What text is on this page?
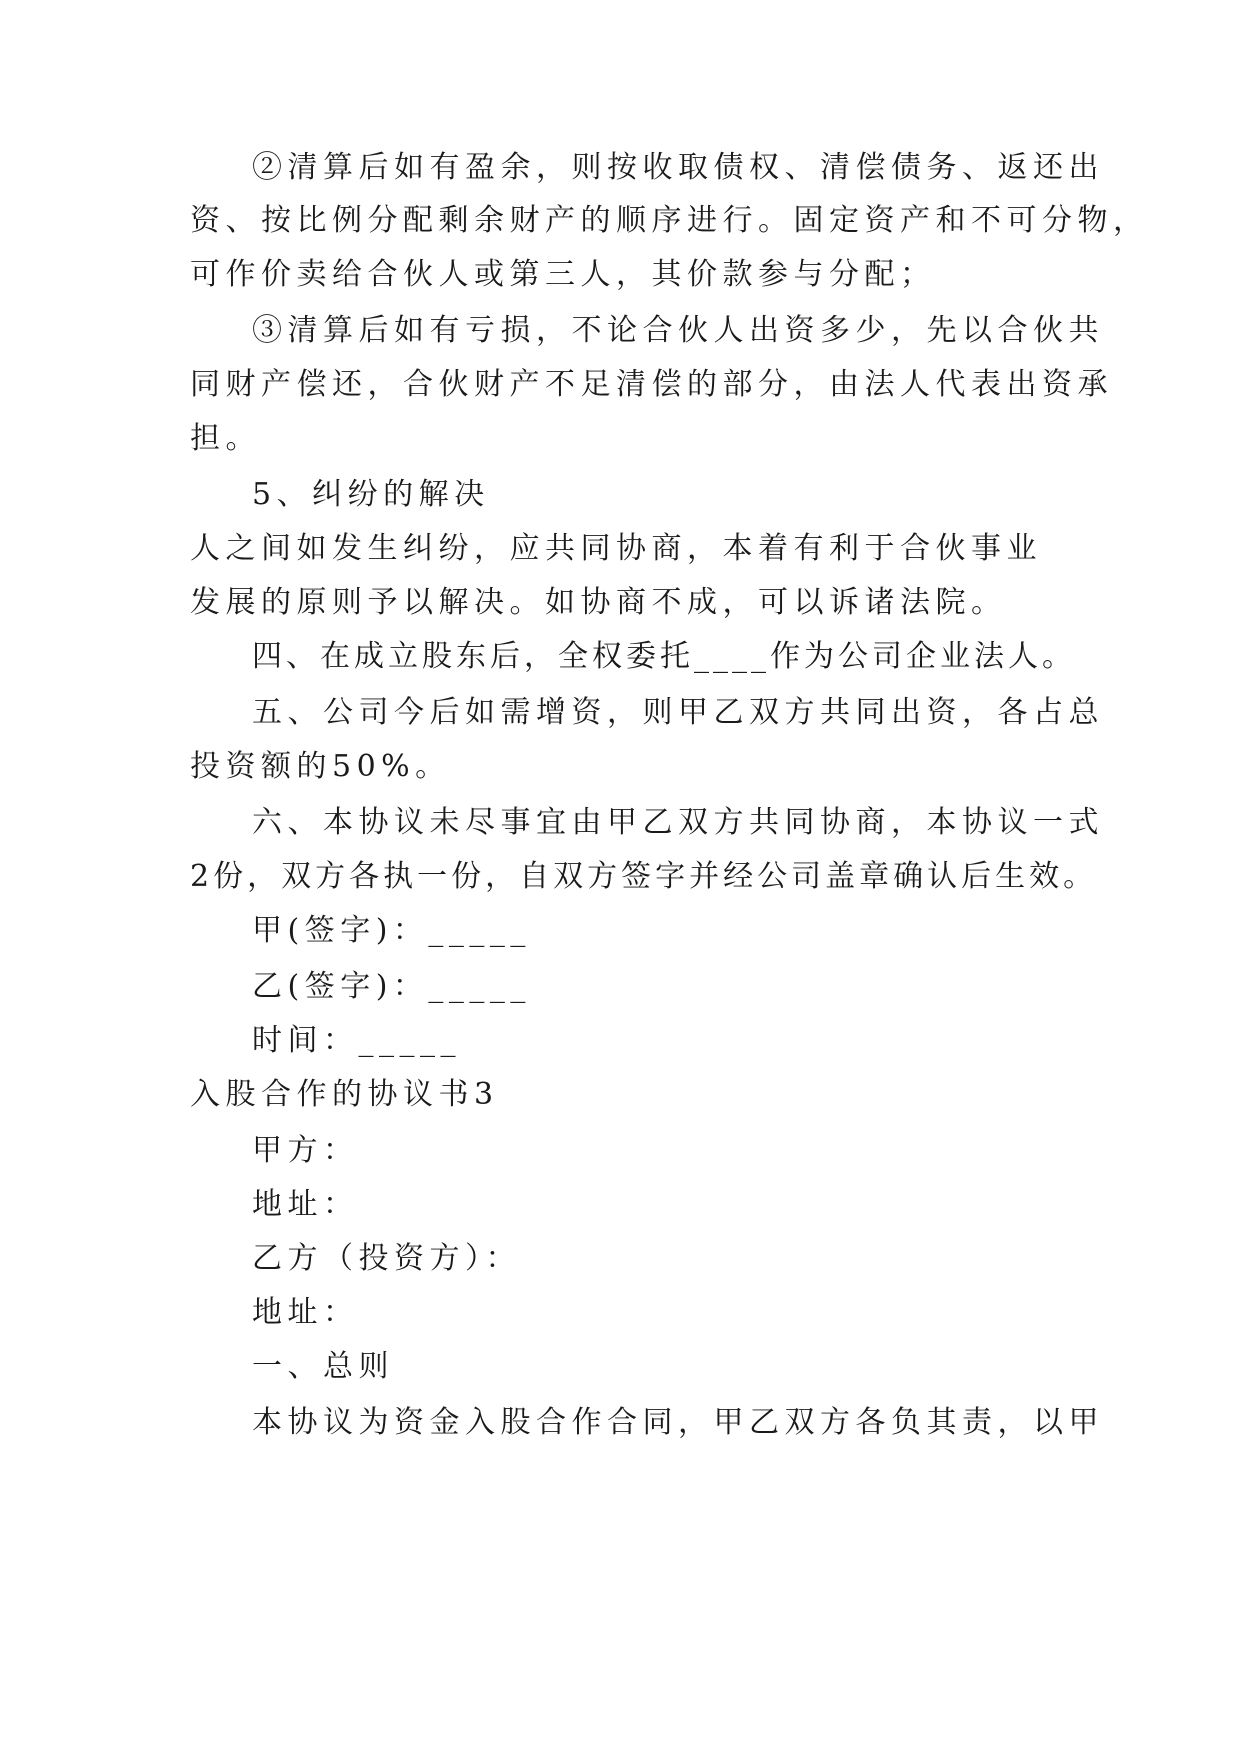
②清算后如有盈余，则按收取债权、清偿债务、返还出
资、按比例分配剩余财产的顺序进行。固定资产和不可分物，
可作价卖给合伙人或第三人，其价款参与分配；
③清算后如有亏损，不论合伙人出资多少，先以合伙共
同财产偿还，合伙财产不足清偿的部分，由法人代表出资承
担。
5、纠纷的解决
人之间如发生纠纷，应共同协商，本着有利于合伙事业
发展的原则予以解决。如协商不成，可以诉诸法院。
四、在成立股东后，全权委托____作为公司企业法人。
五、公司今后如需增资，则甲乙双方共同出资，各占总
投资额的50%。
六、本协议未尽事宜由甲乙双方共同协商，本协议一式
2份，双方各执一份，自双方签字并经公司盖章确认后生效。
甲(签字)：_____
乙(签字)：_____
时间：_____
入股合作的协议书3
甲方：
地址：
乙方（投资方）：
地址：
一、总则
本协议为资金入股合作合同，甲乙双方各负其责，以甲
